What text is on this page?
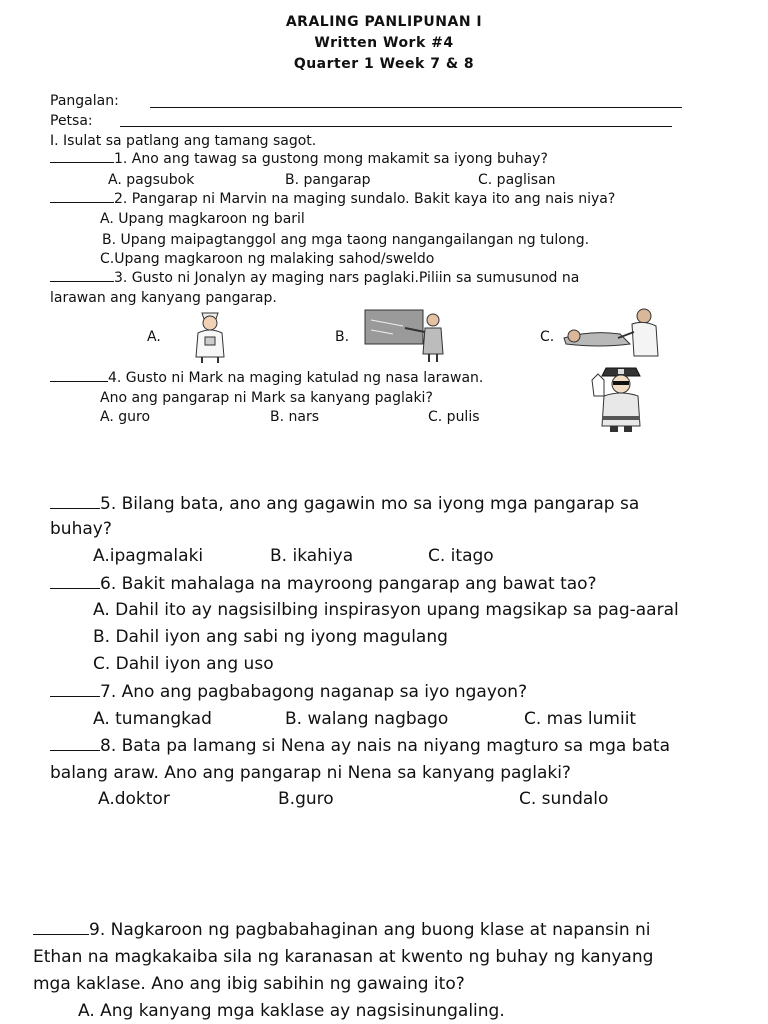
ARALING PANLIPUNAN I
Written Work #4
Quarter 1 Week 7 & 8
Pangalan:
Petsa:
I. Isulat sa patlang ang tamang sagot.
1. Ano ang tawag sa gustong mong makamit sa iyong buhay?
A. pagsubok	B. pangarap	C. paglisan
2. Pangarap ni Marvin na maging sundalo. Bakit kaya ito ang nais niya?
A. Upang magkaroon ng baril
B. Upang maipagtanggol ang mga taong nangangailangan ng tulong.
C.Upang magkaroon ng malaking sahod/sweldo
3. Gusto ni Jonalyn ay maging nars paglaki.Piliin sa sumusunod na
larawan ang kanyang pangarap.
A.	B.	C.
4. Gusto ni Mark na maging katulad ng nasa larawan.
Ano ang pangarap ni Mark sa kanyang paglaki?
A. guro	B. nars	C. pulis
5. Bilang bata, ano ang gagawin mo sa iyong mga pangarap sa
buhay?
A.ipagmalaki	B. ikahiya	C. itago
6. Bakit mahalaga na mayroong pangarap ang bawat tao?
A. Dahil ito ay nagsisilbing inspirasyon upang magsikap sa pag-aaral
B. Dahil iyon ang sabi ng iyong magulang
C. Dahil iyon ang uso
7. Ano ang pagbabagong naganap sa iyo ngayon?
A. tumangkad	B. walang nagbago	C. mas lumiit
8. Bata pa lamang si Nena ay nais na niyang magturo sa mga bata
balang araw. Ano ang pangarap ni Nena sa kanyang paglaki?
A.doktor	B.guro	C. sundalo
9. Nagkaroon ng pagbabahaginan ang buong klase at napansin ni
Ethan na magkakaiba sila ng karanasan at kwento ng buhay ng kanyang
mga kaklase. Ano ang ibig sabihin ng gawaing ito?
A. Ang kanyang mga kaklase ay nagsisinungaling.
